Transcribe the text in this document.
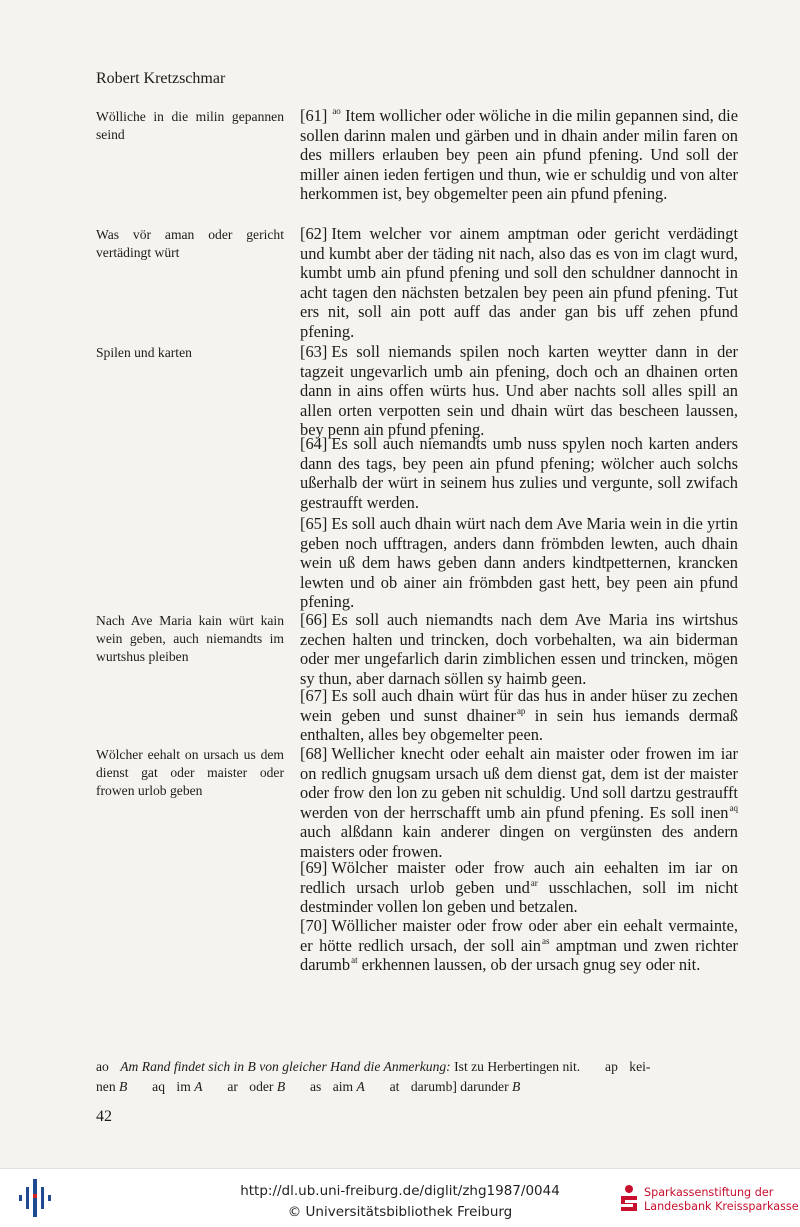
Robert Kretzschmar
Wölliche in die milin gepannen seind
[61] $^{ao}$ Item wollicher oder wöliche in die milin gepannen sind, die sollen darinn malen und gärben und in dhain ander milin faren on des millers erlauben bey peen ain pfund pfening. Und soll der miller ainen ieden fertigen und thun, wie er schuldig und von alter herkommen ist, bey obgemelter peen ain pfund pfening.
Was vör aman oder gericht vertädingt würt
[62] Item welcher vor ainem amptman oder gericht verdädingt und kumbt aber der täding nit nach, also das es von im clagt wurd, kumbt umb ain pfund pfening und soll den schuldner dannocht in acht tagen den nächsten betzalen bey peen ain pfund pfening. Tut ers nit, soll ain pott auff das ander gan bis uff zehen pfund pfening.
Spilen und karten	[63] Es soll niemands spilen noch karten weytter dann in der tagzeit ungevarlich umb ain pfening, doch och an dhainen orten dann in ains offen würts hus. Und aber nachts soll alles spill an allen orten verpotten sein und dhain würt das bescheen laussen, bey penn ain pfund pfening.
[64] Es soll auch niemandts umb nuss spylen noch karten anders dann des tags, bey peen ain pfund pfening; wölcher auch solchs ußerhalb der würt in seinem hus zulies und vergunte, soll zwifach gestraufft werden.
[65] Es soll auch dhain würt nach dem Ave Maria wein in die yrtin geben noch ufftragen, anders dann frömbden lewten, auch dhain wein uß dem haws geben dann anders kindtpetternen, krancken lewten und ob ainer ain frömbden gast hett, bey peen ain pfund pfening.
Nach Ave Maria kain würt kain wein geben, auch niemandts im wurtshus pleiben
[66] Es soll auch niemandts nach dem Ave Maria ins wirtshus zechen halten und trincken, doch vorbehalten, wa ain biderman oder mer ungefarlich darin zimblichen essen und trincken, mögen sy thun, aber darnach söllen sy haimb geen.
[67] Es soll auch dhain würt für das hus in ander hüser zu zechen wein geben und sunst dhainer$^{ap}$ in sein hus iemands dermaß enthalten, alles bey obgemelter peen.
Wölcher eehalt on ursach us dem dienst gat oder maister oder frowen urlob geben
[68] Wellicher knecht oder eehalt ain maister oder frowen im iar on redlich gnugsam ursach uß dem dienst gat, dem ist der maister oder frow den lon zu geben nit schuldig. Und soll dartzu gestraufft werden von der herrschafft umb ain pfund pfening. Es soll inen$^{aq}$ auch alßdann kain anderer dingen on vergünsten des andern maisters oder frowen.
[69] Wölcher maister oder frow auch ain eehalten im iar on redlich ursach urlob geben und$^{ar}$ usschlachen, soll im nicht destminder vollen lon geben und betzalen.
[70] Wöllicher maister oder frow oder aber ein eehalt vermainte, er hötte redlich ursach, der soll ain$^{as}$ amptman und zwen richter darumb$^{at}$ erkhennen laussen, ob der ursach gnug sey oder nit.
ao Am Rand findet sich in B von gleicher Hand die Anmerkung: Ist zu Herbertingen nit. ap kei-
nen B aq im A ar oder B as aim A at darumb] darunder B
42
http://dl.ub.uni-freiburg.de/diglit/zhg1987/0044
© Universitätsbibliothek Freiburg
Sparkassenstiftung der
Landesbank Kreissparkasse
